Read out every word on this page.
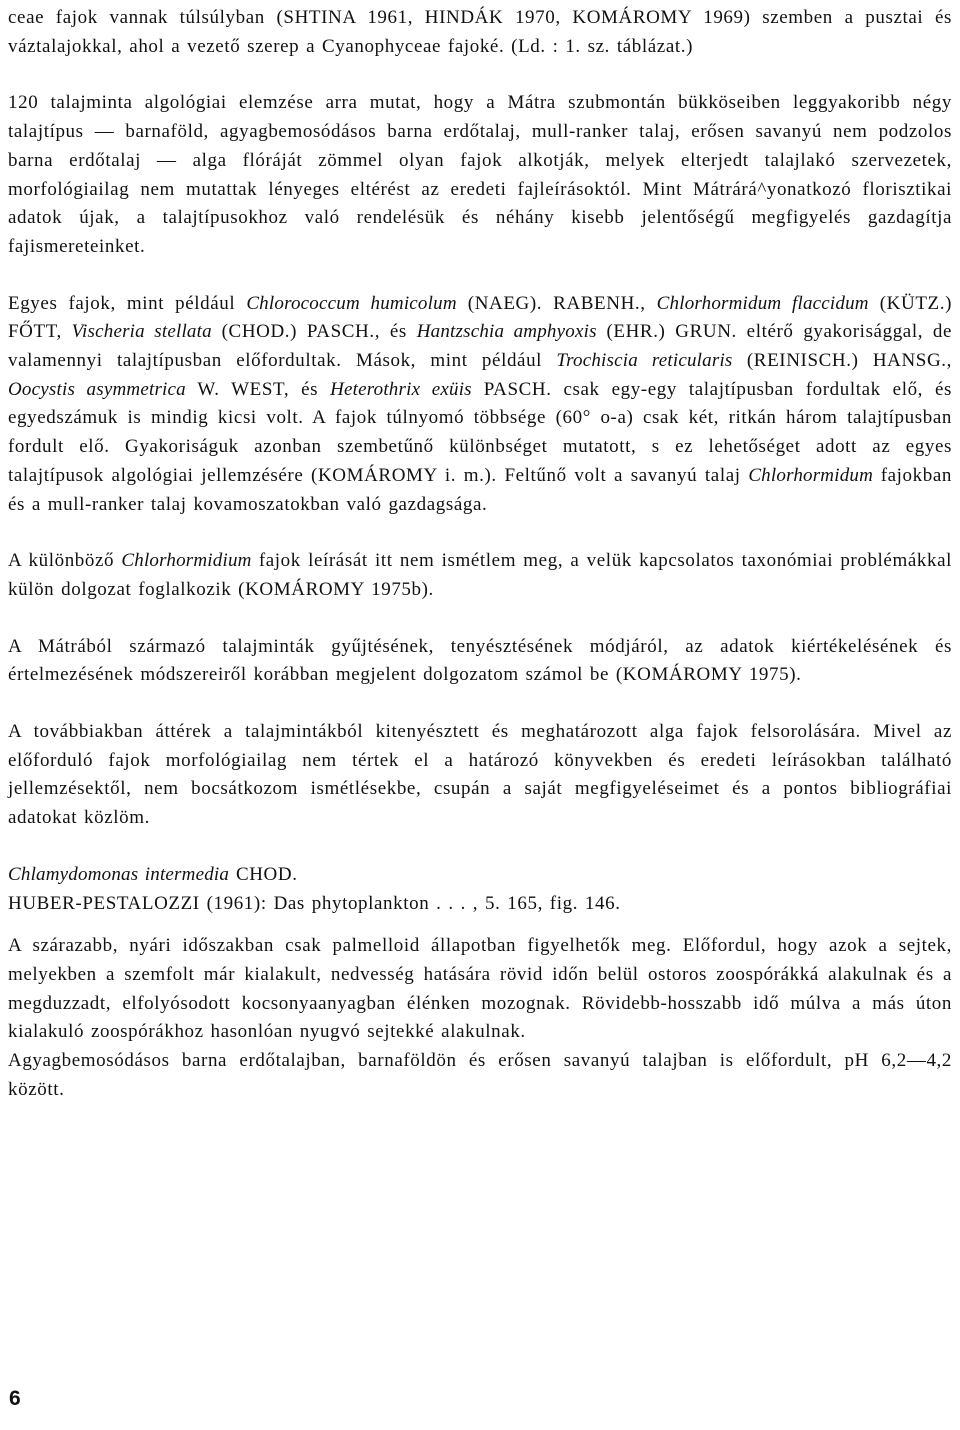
ceae fajok vannak túlsúlyban (SHTINA 1961, HINDÁK 1970, KOMÁROMY 1969) szemben a pusztai és váztalajokkal, ahol a vezető szerep a Cyanophyceae fajoké. (Ld. : 1. sz. táblázat.)

120 talajminta algológiai elemzése arra mutat, hogy a Mátra szubmontán bükköseiben leggyakoribb négy talajtípus — barnaföld, agyagbemosódásos barna erdőtalaj, mull-ranker talaj, erősen savanyú nem podzolos barna erdőtalaj — alga flóráját zömmel olyan fajok alkotják, melyek elterjedt talajlakó szervezetek, morfológiailag nem mutattak lényeges eltérést az eredeti fajleírásoktól. Mint Mátrárá^yonatkozó florisztikai adatok újak, a talajtípusokhoz való rendelésük és néhány kisebb jelentőségű megfigyelés gazdagítja fajismereteinket.

Egyes fajok, mint például Chlorococcum humicolum (NAEG). RABENH., Chlorhormidum flaccidum (KÜTZ.) FŐTT, Vischeria stellata (CHOD.) PASCH., és Hantzschia amphyoxis (EHR.) GRUN. eltérő gyakorisággal, de valamennyi talajtípusban előfordultak. Mások, mint például Trochiscia reticularis (REINISCH.) HANSG., Oocystis asymmetrica W. WEST, és Heterothrix exüis PASCH. csak egy-egy talajtípusban fordultak elő, és egyedszámuk is mindig kicsi volt. A fajok túlnyomó többsége (60° o-a) csak két, ritkán három talajtípusban fordult elő. Gyakoriságuk azonban szembetűnő különbséget mutatott, s ez lehetőséget adott az egyes talajtípusok algológiai jellemzésére (KOMÁROMY i. m.). Feltűnő volt a savanyú talaj Chlorhormidum fajokban és a mull-ranker talaj kovamoszatokban való gazdagsága.

A különböző Chlorhormidium fajok leírását itt nem ismétlem meg, a velük kapcsolatos taxonómiai problémákkal külön dolgozat foglalkozik (KOMÁROMY 1975b).

A Mátrából származó talajminták gyűjtésének, tenyésztésének módjáról, az adatok kiértékelésének és értelmezésének módszereiről korábban megjelent dolgozatom számol be (KOMÁROMY 1975).

A továbbiakban áttérek a talajmintákból kitenyésztett és meghatározott alga fajok felsorolására. Mivel az előforduló fajok morfológiailag nem tértek el a határozó könyvekben és eredeti leírásokban található jellemzésektől, nem bocsátkozom ismétlésekbe, csupán a saját megfigyeléseimet és a pontos bibliográfiai adatokat közlöm.

Chlamydomonas intermedia CHOD.

HUBER-PESTALOZZI (1961): Das phytoplankton . . . , 5. 165, fig. 146.

A szárazabb, nyári időszakban csak palmelloid állapotban figyelhetők meg. Előfordul, hogy azok a sejtek, melyekben a szemfolt már kialakult, nedvesség hatására rövid időn belül ostoros zoospórákká alakulnak és a megduzzadt, elfolyósodott kocsonyaanyagban élénken mozognak. Rövidebb-hosszabb idő múlva a más úton kialakuló zoospórákhoz hasonlóan nyugvó sejtekké alakulnak.

Agyagbemosódásos barna erdőtalajban, barnaföldön és erősen savanyú talajban is előfordult, pH 6,2—4,2 között.

6
